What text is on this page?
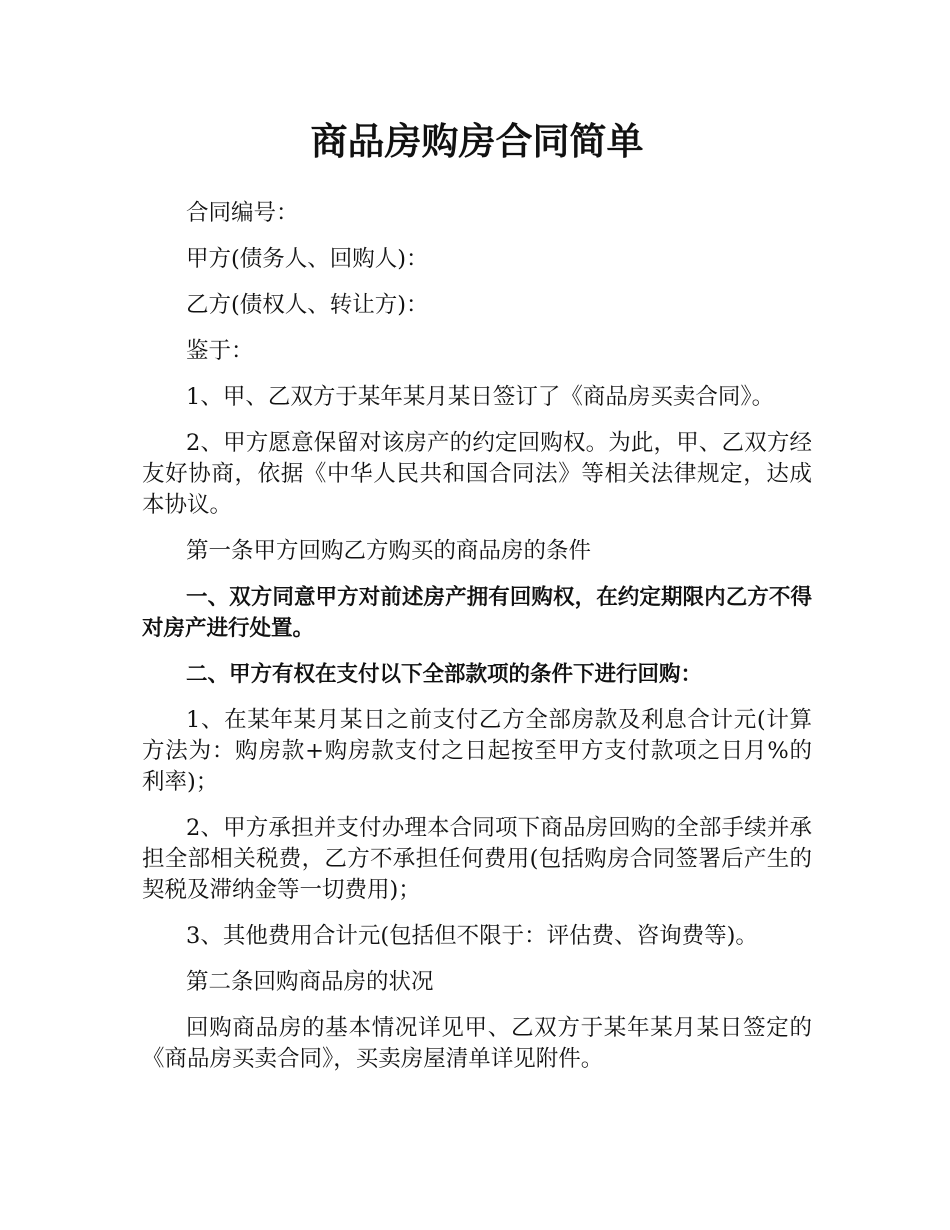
商品房购房合同简单

合同编号：

甲方(债务人、回购人)：

乙方(债权人、转让方)：

鉴于：

1、甲、乙双方于某年某月某日签订了《商品房买卖合同》。

2、甲方愿意保留对该房产的约定回购权。为此，甲、乙双方经友好协商，依据《中华人民共和国合同法》等相关法律规定，达成本协议。

第一条甲方回购乙方购买的商品房的条件

一、双方同意甲方对前述房产拥有回购权，在约定期限内乙方不得对房产进行处置。

二、甲方有权在支付以下全部款项的条件下进行回购：

1、在某年某月某日之前支付乙方全部房款及利息合计元(计算方法为：购房款+购房款支付之日起按至甲方支付款项之日月%的利率)；

2、甲方承担并支付办理本合同项下商品房回购的全部手续并承担全部相关税费，乙方不承担任何费用(包括购房合同签署后产生的契税及滞纳金等一切费用)；

3、其他费用合计元(包括但不限于：评估费、咨询费等)。

第二条回购商品房的状况

回购商品房的基本情况详见甲、乙双方于某年某月某日签定的《商品房买卖合同》，买卖房屋清单详见附件。
